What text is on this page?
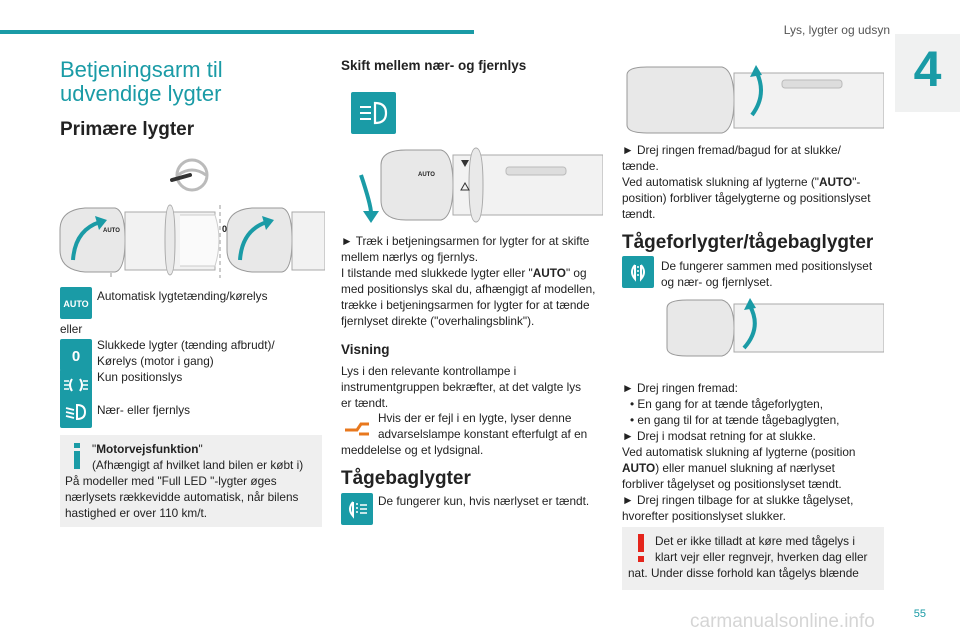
Lys, lygter og udsyn
4
Betjeningsarm til udvendige lygter
Primære lygter
AUTO	0
AUTO
Automatisk lygtetænding/kørelys
eller
0
Slukkede lygter (tænding afbrudt)/
Kørelys (motor i gang)
Kun positionslys
Nær- eller fjernlys
"Motorvejsfunktion"
(Afhængigt af hvilket land bilen er købt i)
På modeller med "Full LED "-lygter øges
nærlysets rækkevidde automatisk, når bilens
hastighed er over 110 km/t.
Skift mellem nær- og fjernlys
AUTO
► Træk i betjeningsarmen for lygter for at skifte
mellem nærlys og fjernlys.
I tilstande med slukkede lygter eller "AUTO" og
med positionslys skal du, afhængigt af modellen,
trække i betjeningsarmen for lygter for at tænde
fjernlyset direkte ("overhalingsblink").
Visning
Lys i den relevante kontrollampe i
instrumentgruppen bekræfter, at det valgte lys
er tændt.
Hvis der er fejl i en lygte, lyser denne
advarselslampe konstant efterfulgt af en
meddelelse og et lydsignal.
Tågebaglygter
De fungerer kun, hvis nærlyset er tændt.
► Drej ringen fremad/bagud for at slukke/
tænde.
Ved automatisk slukning af lygterne ("AUTO"-
position) forbliver tågelygterne og positionslyset
tændt.
Tågeforlygter/tågebaglygter
De fungerer sammen med positionslyset
og nær- og fjernlyset.
► Drej ringen fremad:
• En gang for at tænde tågeforlygten,
• en gang til for at tænde tågebaglygten,
► Drej i modsat retning for at slukke.
Ved automatisk slukning af lygterne (position
AUTO) eller manuel slukning af nærlyset
forbliver tågelyset og positionslyset tændt.
► Drej ringen tilbage for at slukke tågelyset,
hvorefter positionslyset slukker.
Det er ikke tilladt at køre med tågelys i
klart vejr eller regnvejr, hverken dag eller
nat. Under disse forhold kan tågelys blænde
carmanualsonline.info	55
